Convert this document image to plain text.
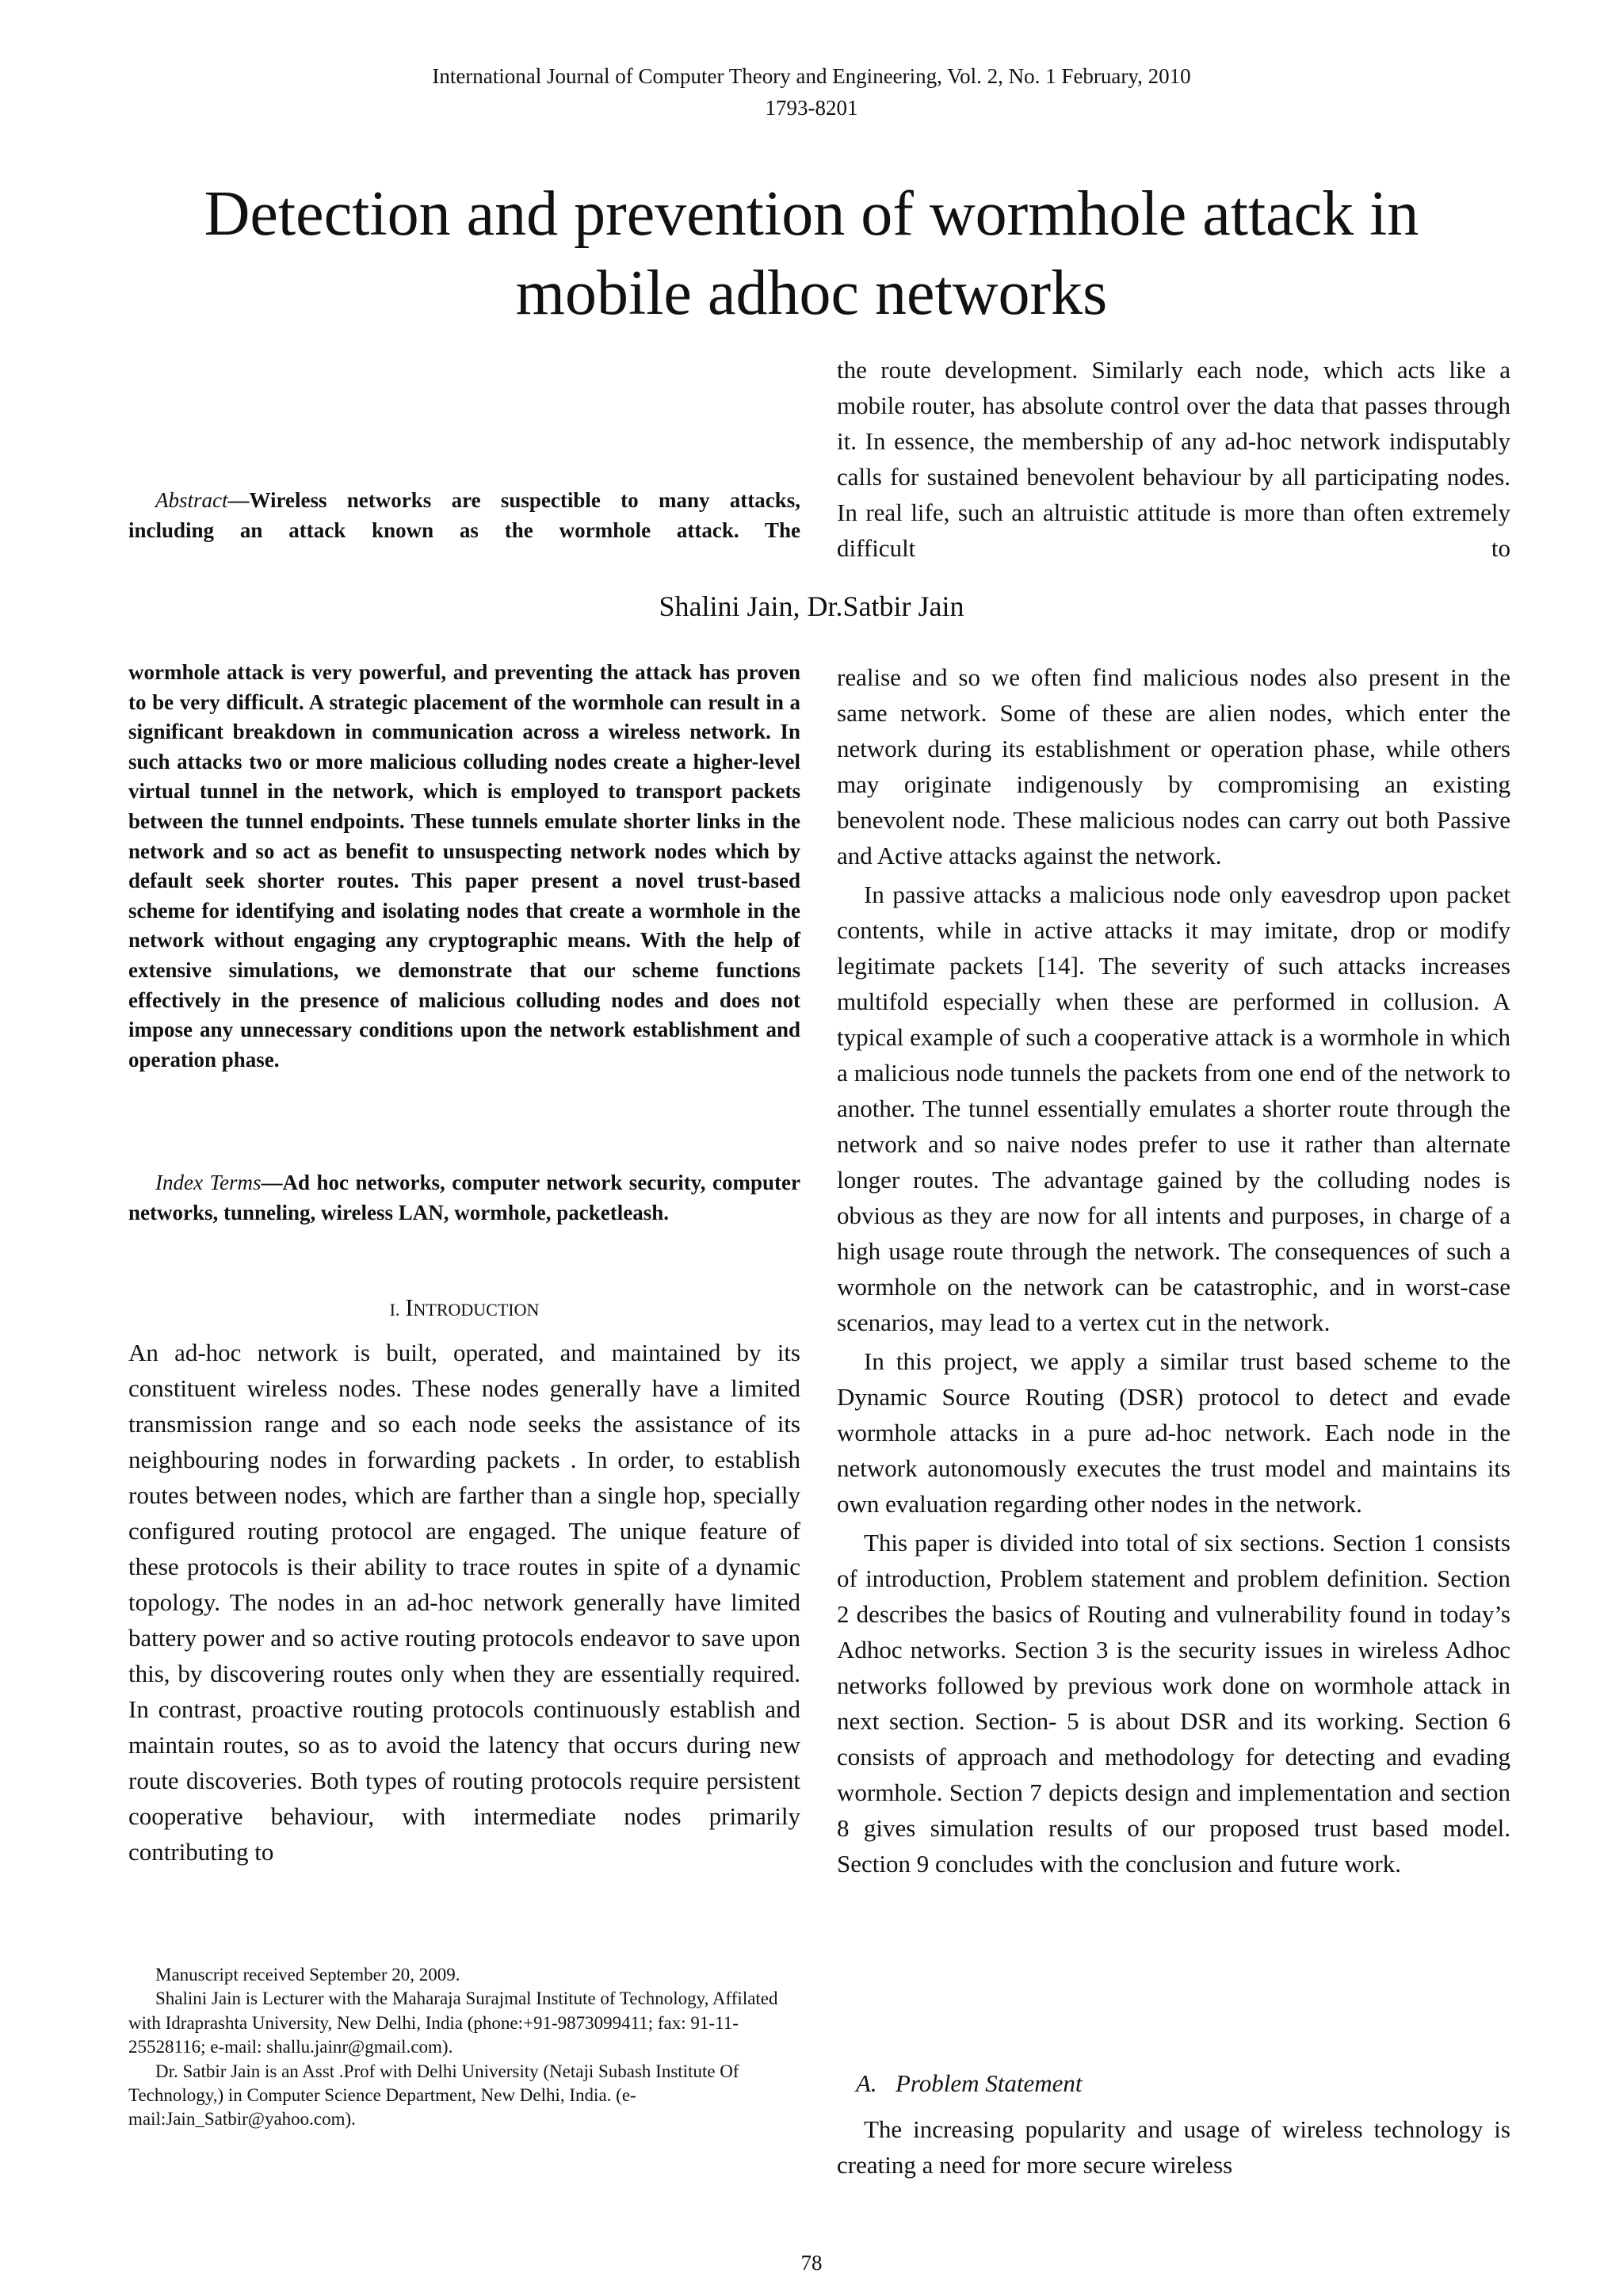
International Journal of Computer Theory and Engineering, Vol. 2, No. 1 February, 2010
1793-8201
Detection and prevention of wormhole attack in
mobile adhoc networks
Abstract—Wireless networks are suspectible to many attacks,
including an attack known as the wormhole attack. The
the route development. Similarly each node, which acts like a mobile router, has absolute control over the data that passes through it. In essence, the membership of any ad-hoc network indisputably calls for sustained benevolent behaviour by all participating nodes. In real life, such an altruistic attitude is more than often extremely difficult to
Shalini Jain, Dr.Satbir Jain
wormhole attack is very powerful, and preventing the attack has proven to be very difficult. A strategic placement of the wormhole can result in a significant breakdown in communication across a wireless network. In such attacks two or more malicious colluding nodes create a higher-level virtual tunnel in the network, which is employed to transport packets between the tunnel endpoints. These tunnels emulate shorter links in the network and so act as benefit to unsuspecting network nodes which by default seek shorter routes. This paper present a novel trust-based scheme for identifying and isolating nodes that create a wormhole in the network without engaging any cryptographic means. With the help of extensive simulations, we demonstrate that our scheme functions effectively in the presence of malicious colluding nodes and does not impose any unnecessary conditions upon the network establishment and operation phase.
Index Terms—Ad hoc networks, computer network security, computer networks, tunneling, wireless LAN, wormhole, packetleash.
I. Introduction
An ad-hoc network is built, operated, and maintained by its constituent wireless nodes. These nodes generally have a limited transmission range and so each node seeks the assistance of its neighbouring nodes in forwarding packets . In order, to establish routes between nodes, which are farther than a single hop, specially configured routing protocol are engaged. The unique feature of these protocols is their ability to trace routes in spite of a dynamic topology. The nodes in an ad-hoc network generally have limited battery power and so active routing protocols endeavor to save upon this, by discovering routes only when they are essentially required. In contrast, proactive routing protocols continuously establish and maintain routes, so as to avoid the latency that occurs during new route discoveries. Both types of routing protocols require persistent cooperative behaviour, with intermediate nodes primarily contributing to

Manuscript received September 20, 2009.

Shalini Jain is Lecturer with the Maharaja Surajmal Institute of Technology, Affilated with Idraprashta University, New Delhi, India (phone:+91-9873099411; fax: 91-11-25528116; e-mail: shallu.jainr@gmail.com).

Dr. Satbir Jain is an Asst .Prof with Delhi University (Netaji Subash Institute Of Technology,) in Computer Science Department, New Delhi, India. (e-mail:Jain_Satbir@yahoo.com).

realise and so we often find malicious nodes also present in the same network. Some of these are alien nodes, which enter the network during its establishment or operation phase, while others may originate indigenously by compromising an existing benevolent node. These malicious nodes can carry out both Passive and Active attacks against the network.

In passive attacks a malicious node only eavesdrop upon packet contents, while in active attacks it may imitate, drop or modify legitimate packets [14]. The severity of such attacks increases multifold especially when these are performed in collusion. A typical example of such a cooperative attack is a wormhole in which a malicious node tunnels the packets from one end of the network to another. The tunnel essentially emulates a shorter route through the network and so naive nodes prefer to use it rather than alternate longer routes. The advantage gained by the colluding nodes is obvious as they are now for all intents and purposes, in charge of a high usage route through the network. The consequences of such a wormhole on the network can be catastrophic, and in worst-case scenarios, may lead to a vertex cut in the network.

In this project, we apply a similar trust based scheme to the Dynamic Source Routing (DSR) protocol to detect and evade wormhole attacks in a pure ad-hoc network. Each node in the network autonomously executes the trust model and maintains its own evaluation regarding other nodes in the network.

This paper is divided into total of six sections. Section 1 consists of introduction, Problem statement and problem definition. Section 2 describes the basics of Routing and vulnerability found in today’s Adhoc networks. Section 3 is the security issues in wireless Adhoc networks followed by previous work done on wormhole attack in next section. Section- 5 is about DSR and its working. Section 6 consists of approach and methodology for detecting and evading wormhole. Section 7 depicts design and implementation and section 8 gives simulation results of our proposed trust based model. Section 9 concludes with the conclusion and future work.

A. Problem Statement
The increasing popularity and usage of wireless technology is creating a need for more secure wireless
78
